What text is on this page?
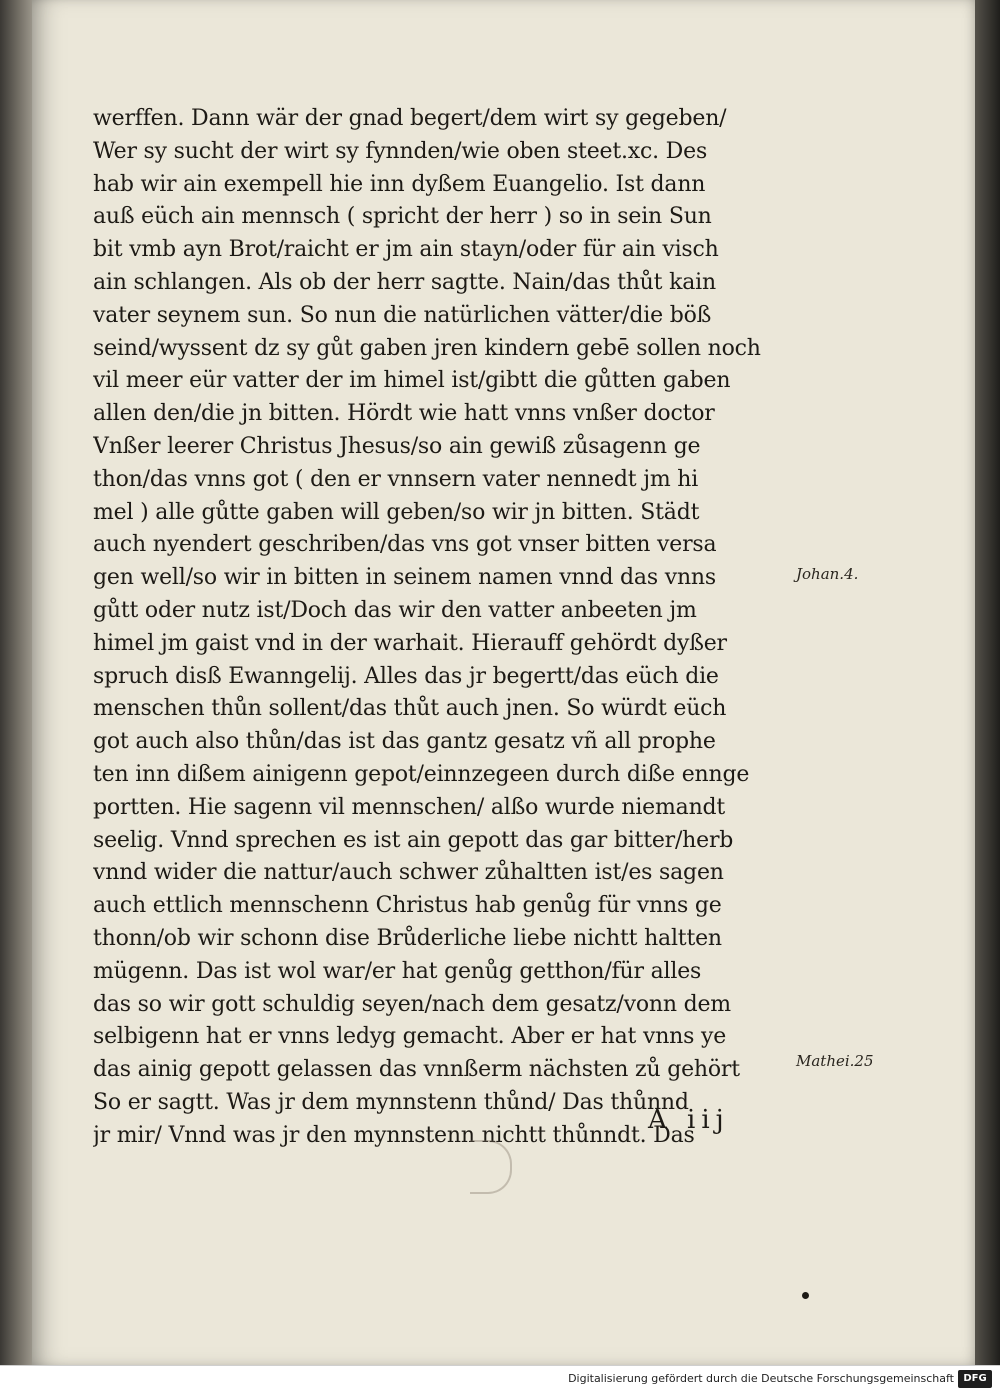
werffen. Dann wär der gnad begert/dem wirt sy gegeben/
Wer sy sucht der wirt sy fynnden/wie oben steet.xc. Des
hab wir ain exempell hie inn dyßem Euangelio. Ist dann
auß eüch ain mennsch ( spricht der herr ) so in sein Sun
bit vmb ayn Brot/raicht er jm ain stayn/oder für ain visch
ain schlangen. Als ob der herr sagtte. Nain/das thůt kain
vater seynem sun. So nun die natürlichen vätter/die böß
seind/wyssent dz sy gůt gaben jren kindern gebē sollen noch
vil meer eür vatter der im himel ist/gibtt die gůtten gaben
allen den/die jn bitten. Hördt wie hatt vnns vnßer doctor
Vnßer leerer Christus Jhesus/so ain gewiß zůsagenn ge
thon/das vnns got ( den er vnnsern vater nennedt jm hi
mel ) alle gůtte gaben will geben/so wir jn bitten. Städt
auch nyendert geschriben/das vns got vnser bitten versa
gen well/so wir in bitten in seinem namen vnnd das vnns
gůtt oder nutz ist/Doch das wir den vatter anbeeten jm
himel jm gaist vnd in der warhait. Hierauff gehördt dyßer
spruch disß Ewanngelij. Alles das jr begertt/das eüch die
menschen thůn sollent/das thůt auch jnen. So würdt eüch
got auch also thůn/das ist das gantz gesatz vñ all prophe
ten inn dißem ainigenn gepot/einnzegeen durch diße ennge
portten. Hie sagenn vil mennschen/ alßo wurde niemandt
seelig. Vnnd sprechen es ist ain gepott das gar bitter/herb
vnnd wider die nattur/auch schwer zůhaltten ist/es sagen
auch ettlich mennschenn Christus hab genůg für vnns ge
thonn/ob wir schonn dise Brůderliche liebe nichtt haltten
mügenn. Das ist wol war/er hat genůg getthon/für alles
das so wir gott schuldig seyen/nach dem gesatz/vonn dem
selbigenn hat er vnns ledyg gemacht. Aber er hat vnns ye
das ainig gepott gelassen das vnnßerm nächsten zů gehört
So er sagtt. Was jr dem mynnstenn thůnd/ Das thůnnd
jr mir/ Vnnd was jr den mynnstenn nichtt thůnndt. Das
Johan.4.
Mathei.25
A iij
Digitalisierung gefördert durch die Deutsche Forschungsgemeinschaft DFG
